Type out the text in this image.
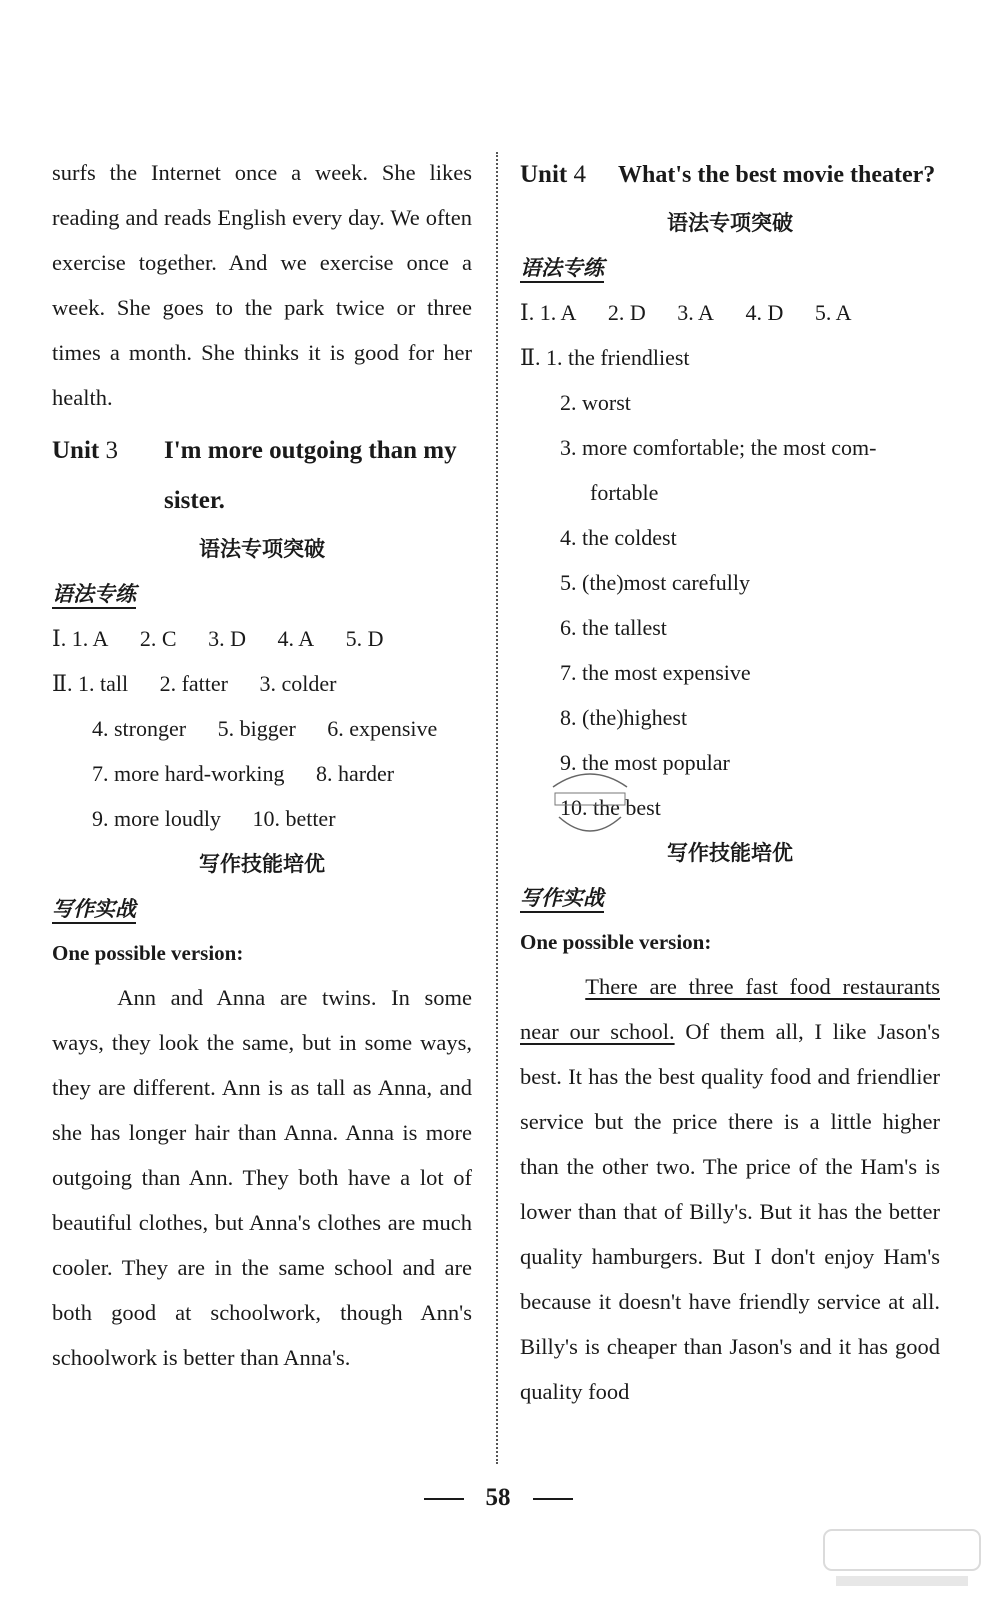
surfs the Internet once a week. She likes reading and reads English every day. We often exercise together. And we exercise once a week. She goes to the park twice or three times a month. She thinks it is good for her health.

Unit 3	I'm more outgoing than my sister.

语法专项突破

语法专练

Ⅰ. 1. A 2. C 3. D 4. A 5. D

Ⅱ. 1. tall 2. fatter 3. colder

4. stronger 5. bigger 6. expensive

7. more hard-working 8. harder

9. more loudly 10. better

写作技能培优

写作实战

One possible version:

Ann and Anna are twins. In some ways, they look the same, but in some ways, they are different. Ann is as tall as Anna, and she has longer hair than Anna. Anna is more outgoing than Ann. They both have a lot of beautiful clothes, but Anna's clothes are much cooler. They are in the same school and are both good at schoolwork, though Ann's schoolwork is better than Anna's.

Unit 4	What's the best movie theater?

语法专项突破

语法专练

Ⅰ. 1. A 2. D 3. A 4. D 5. A

Ⅱ. 1. the friendliest

2. worst

3. more comfortable; the most com-

fortable

4. the coldest

5. (the)most carefully

6. the tallest

7. the most expensive

8. (the)highest

9. the most popular

10. the best

写作技能培优

写作实战

One possible version:

There are three fast food restaurants near our school. Of them all, I like Jason's best. It has the best quality food and friendlier service but the price there is a little higher than the other two. The price of the Ham's is lower than that of Billy's. But it has the better quality hamburgers. But I don't enjoy Ham's because it doesn't have friendly service at all. Billy's is cheaper than Jason's and it has good quality food

58
